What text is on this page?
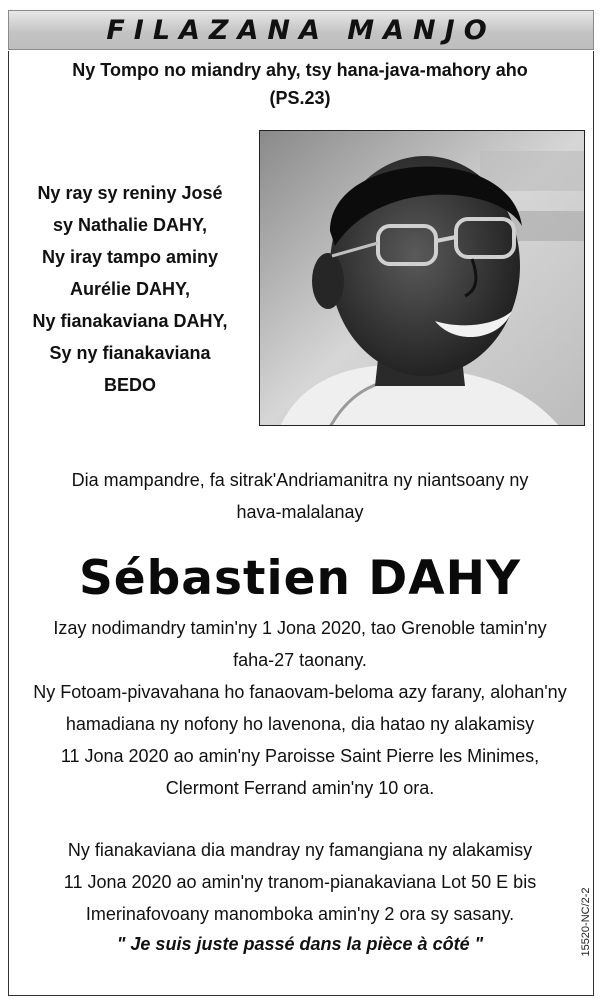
FILAZANA MANJO
Ny Tompo no miandry ahy, tsy hana-java-mahory aho
(PS.23)
Ny ray sy reniny José
sy Nathalie DAHY,
Ny iray tampo aminy
Aurélie DAHY,
Ny fianakaviana DAHY,
Sy ny fianakaviana
BEDO
Dia mampandre, fa sitrak'Andriamanitra ny niantsoany ny
hava-malalanay
Sébastien DAHY
Izay nodimandry tamin'ny 1 Jona 2020, tao Grenoble tamin'ny
faha-27 taonany.
Ny Fotoam-pivavahana ho fanaovam-beloma azy farany, alohan'ny
hamadiana ny nofony ho lavenona, dia hatao ny alakamisy
11 Jona 2020 ao amin'ny Paroisse Saint Pierre les Minimes,
Clermont Ferrand amin'ny 10 ora.
Ny fianakaviana dia mandray ny famangiana ny alakamisy
11 Jona 2020 ao amin'ny tranom-pianakaviana Lot 50 E bis
Imerinafovoany manomboka amin'ny 2 ora sy sasany.
" Je suis juste passé dans la pièce à côté "	15520-NC/2-2
